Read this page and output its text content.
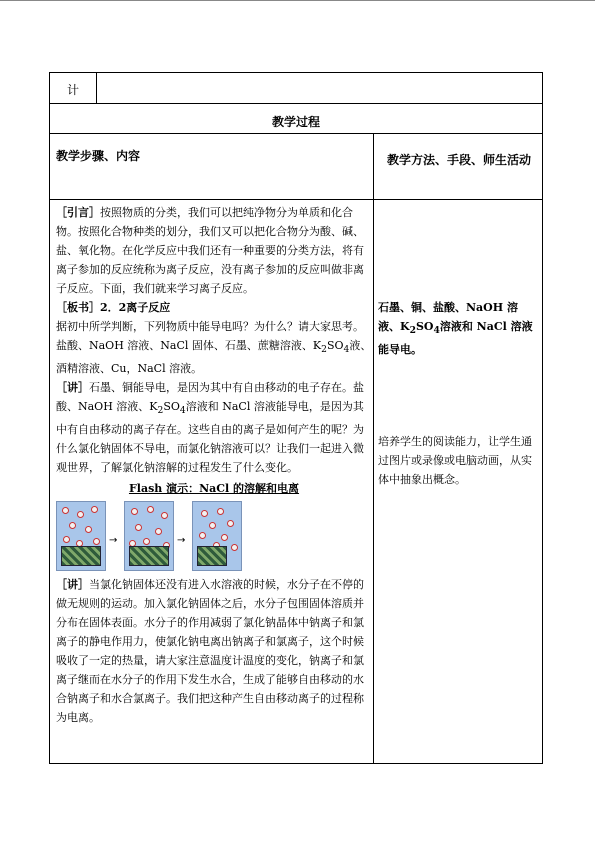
计
教学过程
教学步骤、内容	教学方法、手段、师生活动

［引言］按照物质的分类，我们可以把纯净物分为单质和化合物。按照化合物种类的划分，我们又可以把化合物分为酸、碱、盐、氧化物。在化学反应中我们还有一种重要的分类方法，将有离子参加的反应统称为离子反应，没有离子参加的反应叫做非离子反应。下面，我们就来学习离子反应。

［板书］2．2离子反应

据初中所学判断，下列物质中能导电吗？为什么？请大家思考。

盐酸、NaOH 溶液、NaCl 固体、石墨、蔗糖溶液、$K_2SO_4$液、酒精溶液、Cu，NaCl 溶液。

［讲］石墨、铜能导电，是因为其中有自由移动的电子存在。盐酸、NaOH 溶液、$K_2SO_4$溶液和 NaCl 溶液能导电，是因为其中有自由移动的离子存在。这些自由的离子是如何产生的呢？为什么氯化钠固体不导电，而氯化钠溶液可以？让我们一起进入微观世界，了解氯化钠溶解的过程发生了什么变化。

Flash 演示：NaCl 的溶解和电离

→	→

［讲］当氯化钠固体还没有进入水溶液的时候，水分子在不停的做无规则的运动。加入氯化钠固体之后，水分子包围固体溶质并分布在固体表面。水分子的作用减弱了氯化钠晶体中钠离子和氯离子的静电作用力，使氯化钠电离出钠离子和氯离子，这个时候吸收了一定的热量，请大家注意温度计温度的变化，钠离子和氯离子继而在水分子的作用下发生水合，生成了能够自由移动的水合钠离子和水合氯离子。我们把这种产生自由移动离子的过程称为电离。

石墨、铜、盐酸、NaOH 溶液、$K_2SO_4$溶液和 NaCl 溶液能导电。
培养学生的阅读能力，让学生通过图片或录像或电脑动画，从实体中抽象出概念。
